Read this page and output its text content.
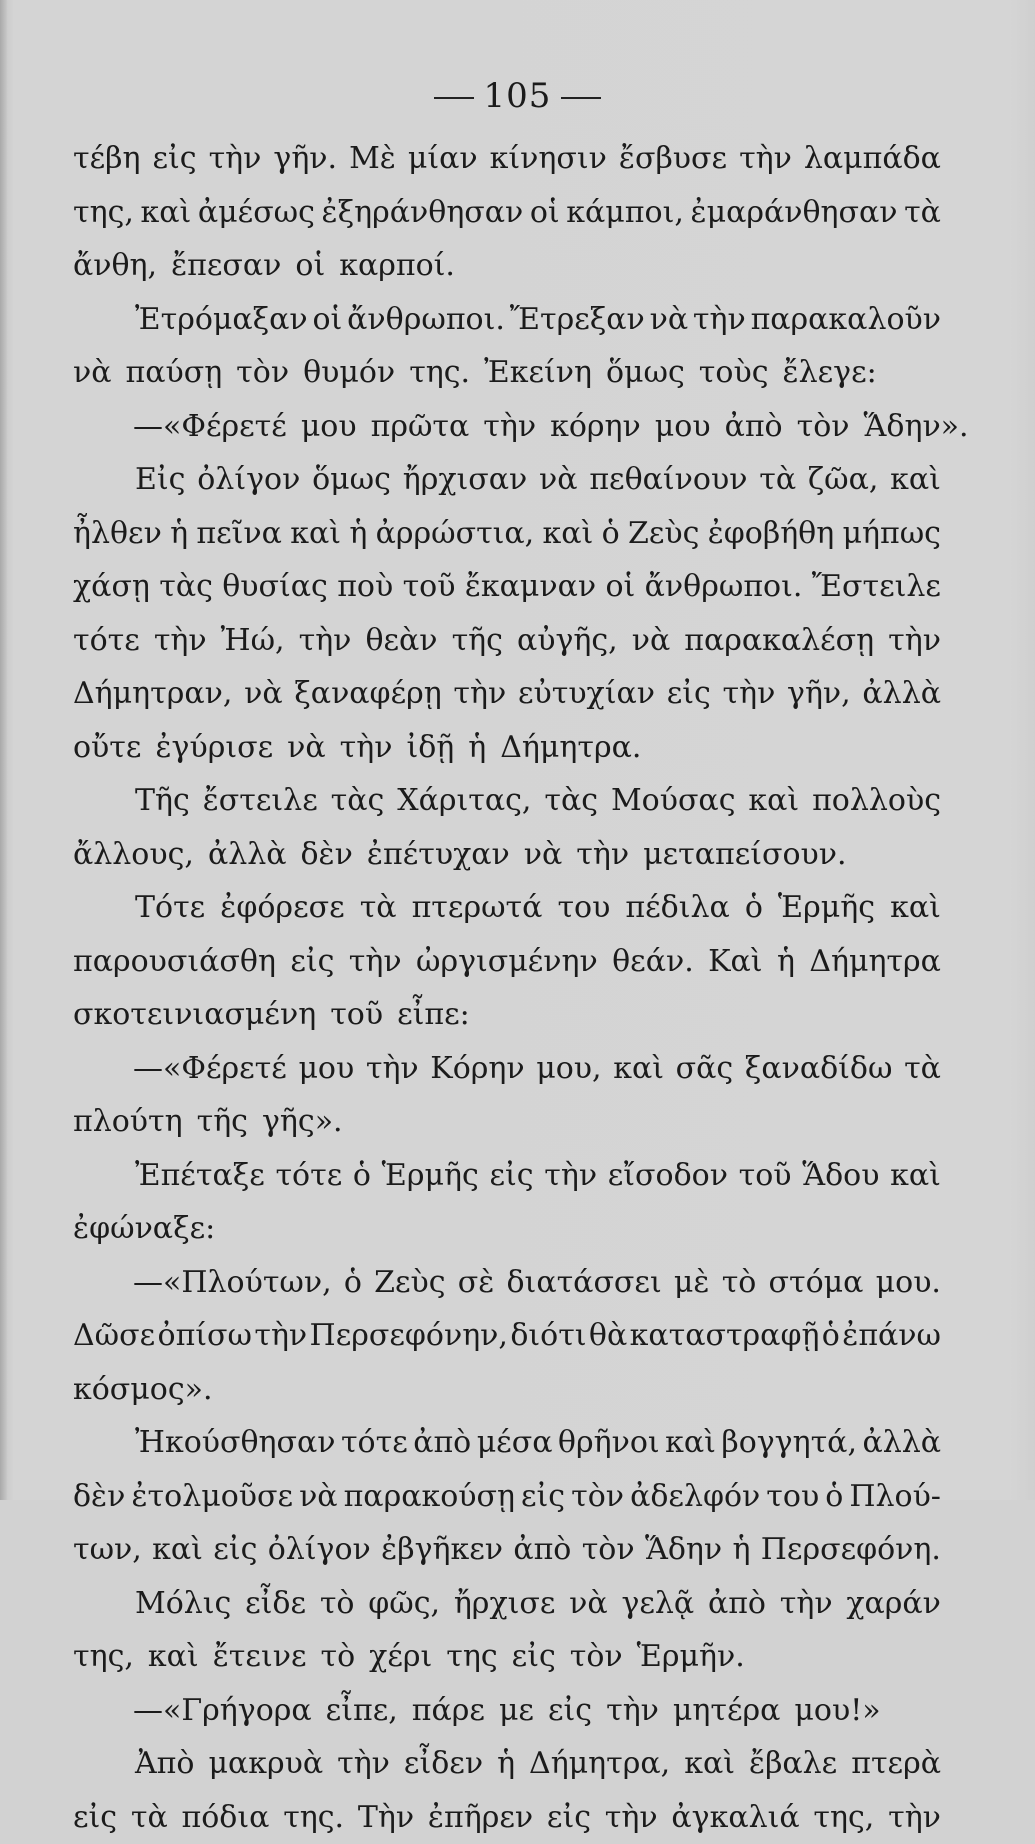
105
τέβη εἰς τὴν γῆν. Μὲ μίαν κίνησιν ἔσβυσε τὴν λαμπάδα
της, καὶ ἀμέσως ἐξηράνθησαν οἱ κάμποι, ἐμαράνθησαν τὰ
ἄνθη, ἔπεσαν οἱ καρποί.
Ἐτρόμαξαν οἱ ἄνθρωποι. Ἔτρεξαν νὰ τὴν παρακαλοῦν
νὰ παύσῃ τὸν θυμόν της. Ἐκείνη ὅμως τοὺς ἔλεγε:
—«Φέρετέ μου πρῶτα τὴν κόρην μου ἀπὸ τὸν Ἅδην».
Εἰς ὀλίγον ὅμως ἤρχισαν νὰ πεθαίνουν τὰ ζῶα, καὶ
ἦλθεν ἡ πεῖνα καὶ ἡ ἀρρώστια, καὶ ὁ Ζεὺς ἐφοβήθη μήπως
χάσῃ τὰς θυσίας ποὺ τοῦ ἔκαμναν οἱ ἄνθρωποι. Ἔστειλε
τότε τὴν Ἠώ, τὴν θεὰν τῆς αὐγῆς, νὰ παρακαλέσῃ τὴν
Δήμητραν, νὰ ξαναφέρῃ τὴν εὐτυχίαν εἰς τὴν γῆν, ἀλλὰ
οὔτε ἐγύρισε νὰ τὴν ἰδῇ ἡ Δήμητρα.
Τῆς ἔστειλε τὰς Χάριτας, τὰς Μούσας καὶ πολλοὺς
ἄλλους, ἀλλὰ δὲν ἐπέτυχαν νὰ τὴν μεταπείσουν.
Τότε ἐφόρεσε τὰ πτερωτά του πέδιλα ὁ Ἑρμῆς καὶ
παρουσιάσθη εἰς τὴν ὠργισμένην θεάν. Καὶ ἡ Δήμητρα
σκοτεινιασμένη τοῦ εἶπε:
—«Φέρετέ μου τὴν Κόρην μου, καὶ σᾶς ξαναδίδω τὰ
πλούτη τῆς γῆς».
Ἐπέταξε τότε ὁ Ἑρμῆς εἰς τὴν εἴσοδον τοῦ Ἅδου καὶ
ἐφώναξε:
—«Πλούτων, ὁ Ζεὺς σὲ διατάσσει μὲ τὸ στόμα μου.
Δῶσε ὀπίσω τὴν Περσεφόνην, διότι θὰ καταστραφῇ ὁ ἐπάνω
κόσμος».
Ἠκούσθησαν τότε ἀπὸ μέσα θρῆνοι καὶ βογγητά, ἀλλὰ
δὲν ἐτολμοῦσε νὰ παρακούσῃ εἰς τὸν ἀδελφόν του ὁ Πλού-
των, καὶ εἰς ὀλίγον ἐβγῆκεν ἀπὸ τὸν Ἅδην ἡ Περσεφόνη.
Μόλις εἶδε τὸ φῶς, ἤρχισε νὰ γελᾷ ἀπὸ τὴν χαράν
της, καὶ ἔτεινε τὸ χέρι της εἰς τὸν Ἑρμῆν.
—«Γρήγορα εἶπε, πάρε με εἰς τὴν μητέρα μου!»
Ἀπὸ μακρυὰ τὴν εἶδεν ἡ Δήμητρα, καὶ ἔβαλε πτερὰ
εἰς τὰ πόδια της. Τὴν ἐπῆρεν εἰς τὴν ἀγκαλιά της, τὴν
